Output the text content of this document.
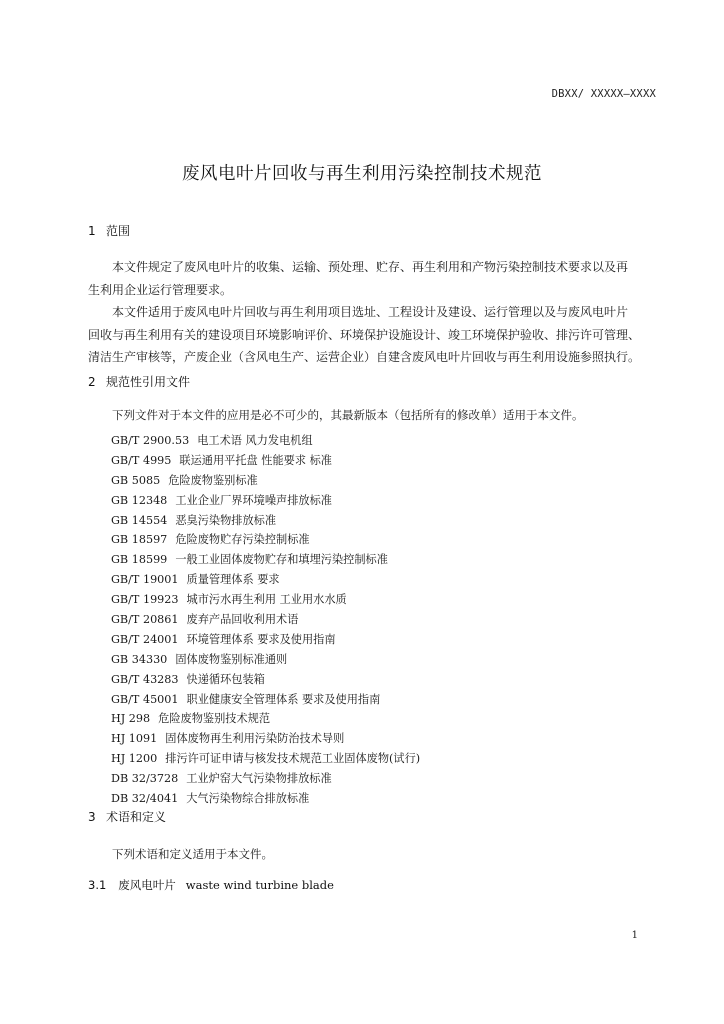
DBXX/ XXXXX—XXXX
废风电叶片回收与再生利用污染控制技术规范
1 范围
本文件规定了废风电叶片的收集、运输、预处理、贮存、再生利用和产物污染控制技术要求以及再
生利用企业运行管理要求。
本文件适用于废风电叶片回收与再生利用项目选址、工程设计及建设、运行管理以及与废风电叶片
回收与再生利用有关的建设项目环境影响评价、环境保护设施设计、竣工环境保护验收、排污许可管理、
清洁生产审核等，产废企业（含风电生产、运营企业）自建含废风电叶片回收与再生利用设施参照执行。
2 规范性引用文件
下列文件对于本文件的应用是必不可少的，其最新版本（包括所有的修改单）适用于本文件。
GB/T 2900.53 电工术语 风力发电机组
GB/T 4995 联运通用平托盘 性能要求 标准
GB 5085 危险废物鉴别标准
GB 12348 工业企业厂界环境噪声排放标准
GB 14554 恶臭污染物排放标准
GB 18597 危险废物贮存污染控制标准
GB 18599 一般工业固体废物贮存和填埋污染控制标准
GB/T 19001 质量管理体系 要求
GB/T 19923 城市污水再生利用 工业用水水质
GB/T 20861 废弃产品回收利用术语
GB/T 24001 环境管理体系 要求及使用指南
GB 34330 固体废物鉴别标准通则
GB/T 43283 快递循环包装箱
GB/T 45001 职业健康安全管理体系 要求及使用指南
HJ 298 危险废物鉴别技术规范
HJ 1091 固体废物再生利用污染防治技术导则
HJ 1200 排污许可证申请与核发技术规范工业固体废物(试行)
DB 32/3728 工业炉窑大气污染物排放标准
DB 32/4041 大气污染物综合排放标准
3 术语和定义
下列术语和定义适用于本文件。
3.1 废风电叶片 waste wind turbine blade
1
